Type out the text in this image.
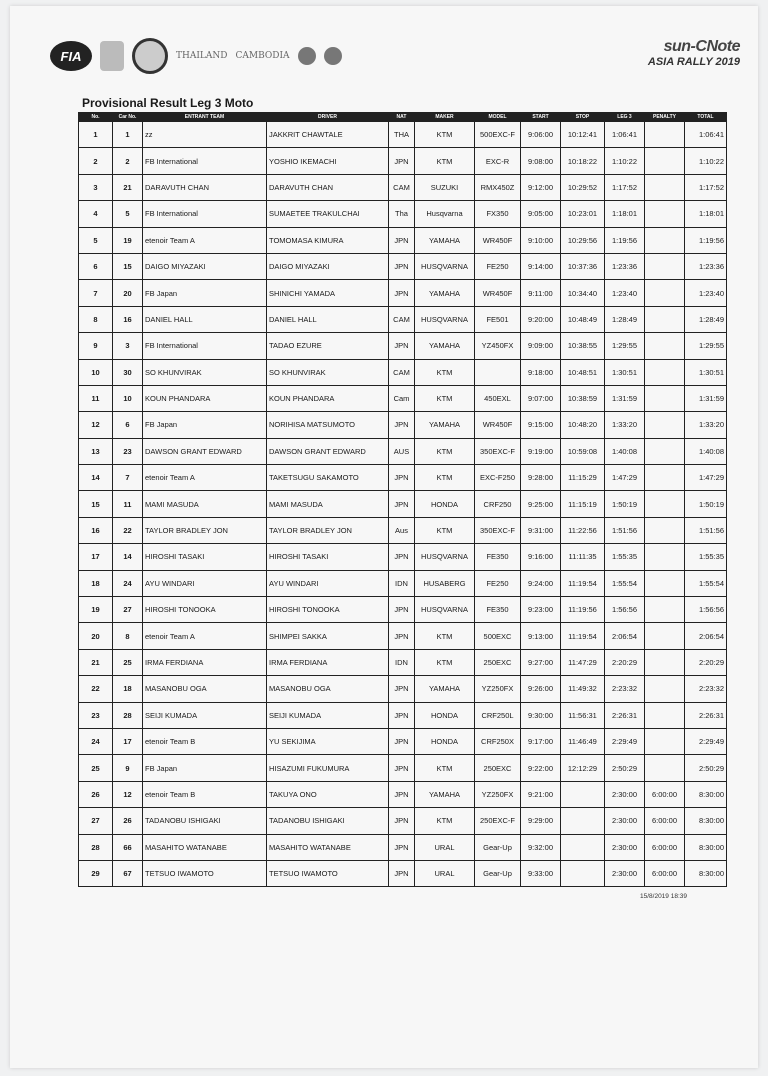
FIA	THAILAND CAMBODIA
sun-CNote
ASIA RALLY 2019
Provisional Result Leg 3 Moto
No.	Car No.	ENTRANT TEAM	DRIVER	NAT	MAKER	MODEL	START	STOP	LEG 3	PENALTY	TOTAL
1	1	zz	JAKKRIT CHAWTALE	THA	KTM	500EXC-F	9:06:00	10:12:41	1:06:41		1:06:41
2	2	FB International	YOSHIO IKEMACHI	JPN	KTM	EXC-R	9:08:00	10:18:22	1:10:22		1:10:22
3	21	DARAVUTH CHAN	DARAVUTH CHAN	CAM	SUZUKI	RMX450Z	9:12:00	10:29:52	1:17:52		1:17:52
4	5	FB International	SUMAETEE TRAKULCHAI	Tha	Husqvarna	FX350	9:05:00	10:23:01	1:18:01		1:18:01
5	19	etenoir Team A	TOMOMASA KIMURA	JPN	YAMAHA	WR450F	9:10:00	10:29:56	1:19:56		1:19:56
6	15	DAIGO MIYAZAKI	DAIGO MIYAZAKI	JPN	HUSQVARNA	FE250	9:14:00	10:37:36	1:23:36		1:23:36
7	20	FB Japan	SHINICHI YAMADA	JPN	YAMAHA	WR450F	9:11:00	10:34:40	1:23:40		1:23:40
8	16	DANIEL HALL	DANIEL HALL	CAM	HUSQVARNA	FE501	9:20:00	10:48:49	1:28:49		1:28:49
9	3	FB International	TADAO EZURE	JPN	YAMAHA	YZ450FX	9:09:00	10:38:55	1:29:55		1:29:55
10	30	SO KHUNVIRAK	SO KHUNVIRAK	CAM	KTM		9:18:00	10:48:51	1:30:51		1:30:51
11	10	KOUN PHANDARA	KOUN PHANDARA	Cam	KTM	450EXL	9:07:00	10:38:59	1:31:59		1:31:59
12	6	FB Japan	NORIHISA MATSUMOTO	JPN	YAMAHA	WR450F	9:15:00	10:48:20	1:33:20		1:33:20
13	23	DAWSON GRANT EDWARD	DAWSON GRANT EDWARD	AUS	KTM	350EXC-F	9:19:00	10:59:08	1:40:08		1:40:08
14	7	etenoir Team A	TAKETSUGU SAKAMOTO	JPN	KTM	EXC-F250	9:28:00	11:15:29	1:47:29		1:47:29
15	11	MAMI MASUDA	MAMI MASUDA	JPN	HONDA	CRF250	9:25:00	11:15:19	1:50:19		1:50:19
16	22	TAYLOR BRADLEY JON	TAYLOR BRADLEY JON	Aus	KTM	350EXC-F	9:31:00	11:22:56	1:51:56		1:51:56
17	14	HIROSHI TASAKI	HIROSHI TASAKI	JPN	HUSQVARNA	FE350	9:16:00	11:11:35	1:55:35		1:55:35
18	24	AYU WINDARI	AYU WINDARI	IDN	HUSABERG	FE250	9:24:00	11:19:54	1:55:54		1:55:54
19	27	HIROSHI TONOOKA	HIROSHI TONOOKA	JPN	HUSQVARNA	FE350	9:23:00	11:19:56	1:56:56		1:56:56
20	8	etenoir Team A	SHIMPEI SAKKA	JPN	KTM	500EXC	9:13:00	11:19:54	2:06:54		2:06:54
21	25	IRMA FERDIANA	IRMA FERDIANA	IDN	KTM	250EXC	9:27:00	11:47:29	2:20:29		2:20:29
22	18	MASANOBU OGA	MASANOBU OGA	JPN	YAMAHA	YZ250FX	9:26:00	11:49:32	2:23:32		2:23:32
23	28	SEIJI KUMADA	SEIJI KUMADA	JPN	HONDA	CRF250L	9:30:00	11:56:31	2:26:31		2:26:31
24	17	etenoir Team B	YU SEKIJIMA	JPN	HONDA	CRF250X	9:17:00	11:46:49	2:29:49		2:29:49
25	9	FB Japan	HISAZUMI FUKUMURA	JPN	KTM	250EXC	9:22:00	12:12:29	2:50:29		2:50:29
26	12	etenoir Team B	TAKUYA ONO	JPN	YAMAHA	YZ250FX	9:21:00		2:30:00	6:00:00	8:30:00
27	26	TADANOBU ISHIGAKI	TADANOBU ISHIGAKI	JPN	KTM	250EXC-F	9:29:00		2:30:00	6:00:00	8:30:00
28	66	MASAHITO WATANABE	MASAHITO WATANABE	JPN	URAL	Gear-Up	9:32:00		2:30:00	6:00:00	8:30:00
29	67	TETSUO IWAMOTO	TETSUO IWAMOTO	JPN	URAL	Gear-Up	9:33:00		2:30:00	6:00:00	8:30:00
15/8/2019 18:39
